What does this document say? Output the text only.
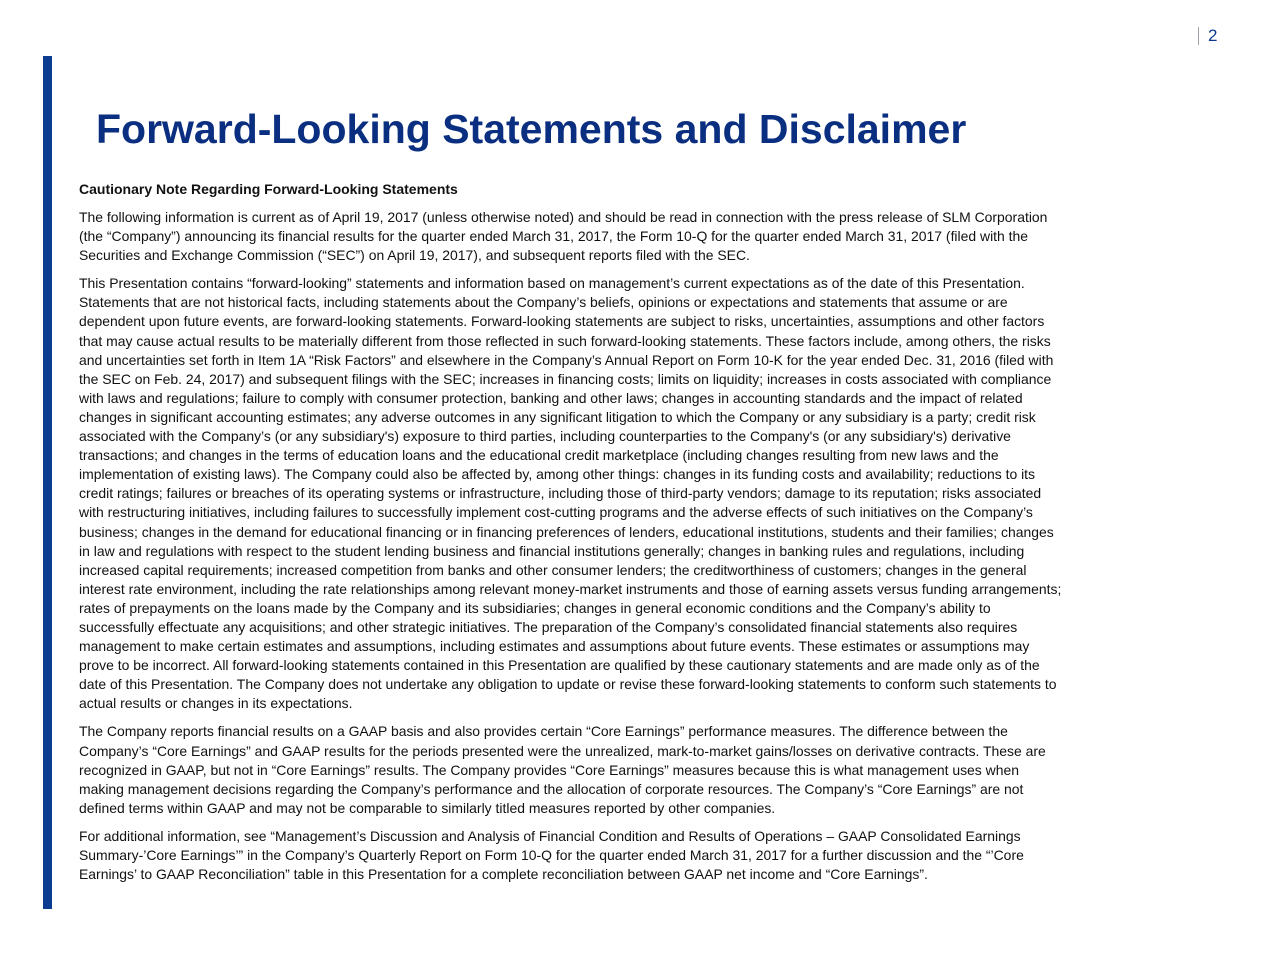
2
Forward-Looking Statements and Disclaimer

Cautionary Note Regarding Forward-Looking Statements

The following information is current as of April 19, 2017 (unless otherwise noted) and should be read in connection with the press release of SLM Corporation
(the “Company”) announcing its financial results for the quarter ended March 31, 2017, the Form 10-Q for the quarter ended March 31, 2017 (filed with the
Securities and Exchange Commission (“SEC”) on April 19, 2017), and subsequent reports filed with the SEC.

This Presentation contains “forward-looking” statements and information based on management’s current expectations as of the date of this Presentation.
Statements that are not historical facts, including statements about the Company’s beliefs, opinions or expectations and statements that assume or are
dependent upon future events, are forward-looking statements. Forward-looking statements are subject to risks, uncertainties, assumptions and other factors
that may cause actual results to be materially different from those reflected in such forward-looking statements. These factors include, among others, the risks
and uncertainties set forth in Item 1A “Risk Factors” and elsewhere in the Company’s Annual Report on Form 10-K for the year ended Dec. 31, 2016 (filed with
the SEC on Feb. 24, 2017) and subsequent filings with the SEC; increases in financing costs; limits on liquidity; increases in costs associated with compliance
with laws and regulations; failure to comply with consumer protection, banking and other laws; changes in accounting standards and the impact of related
changes in significant accounting estimates; any adverse outcomes in any significant litigation to which the Company or any subsidiary is a party; credit risk
associated with the Company’s (or any subsidiary's) exposure to third parties, including counterparties to the Company's (or any subsidiary's) derivative
transactions; and changes in the terms of education loans and the educational credit marketplace (including changes resulting from new laws and the
implementation of existing laws). The Company could also be affected by, among other things: changes in its funding costs and availability; reductions to its
credit ratings; failures or breaches of its operating systems or infrastructure, including those of third-party vendors; damage to its reputation; risks associated
with restructuring initiatives, including failures to successfully implement cost-cutting programs and the adverse effects of such initiatives on the Company’s
business; changes in the demand for educational financing or in financing preferences of lenders, educational institutions, students and their families; changes
in law and regulations with respect to the student lending business and financial institutions generally; changes in banking rules and regulations, including
increased capital requirements; increased competition from banks and other consumer lenders; the creditworthiness of customers; changes in the general
interest rate environment, including the rate relationships among relevant money-market instruments and those of earning assets versus funding arrangements;
rates of prepayments on the loans made by the Company and its subsidiaries; changes in general economic conditions and the Company’s ability to
successfully effectuate any acquisitions; and other strategic initiatives. The preparation of the Company’s consolidated financial statements also requires
management to make certain estimates and assumptions, including estimates and assumptions about future events. These estimates or assumptions may
prove to be incorrect. All forward-looking statements contained in this Presentation are qualified by these cautionary statements and are made only as of the
date of this Presentation. The Company does not undertake any obligation to update or revise these forward-looking statements to conform such statements to
actual results or changes in its expectations.

The Company reports financial results on a GAAP basis and also provides certain “Core Earnings” performance measures. The difference between the
Company’s “Core Earnings” and GAAP results for the periods presented were the unrealized, mark-to-market gains/losses on derivative contracts. These are
recognized in GAAP, but not in “Core Earnings” results. The Company provides “Core Earnings” measures because this is what management uses when
making management decisions regarding the Company’s performance and the allocation of corporate resources. The Company’s “Core Earnings” are not
defined terms within GAAP and may not be comparable to similarly titled measures reported by other companies.

For additional information, see “Management’s Discussion and Analysis of Financial Condition and Results of Operations – GAAP Consolidated Earnings
Summary-’Core Earnings’” in the Company’s Quarterly Report on Form 10-Q for the quarter ended March 31, 2017 for a further discussion and the “’Core
Earnings’ to GAAP Reconciliation” table in this Presentation for a complete reconciliation between GAAP net income and “Core Earnings”.
